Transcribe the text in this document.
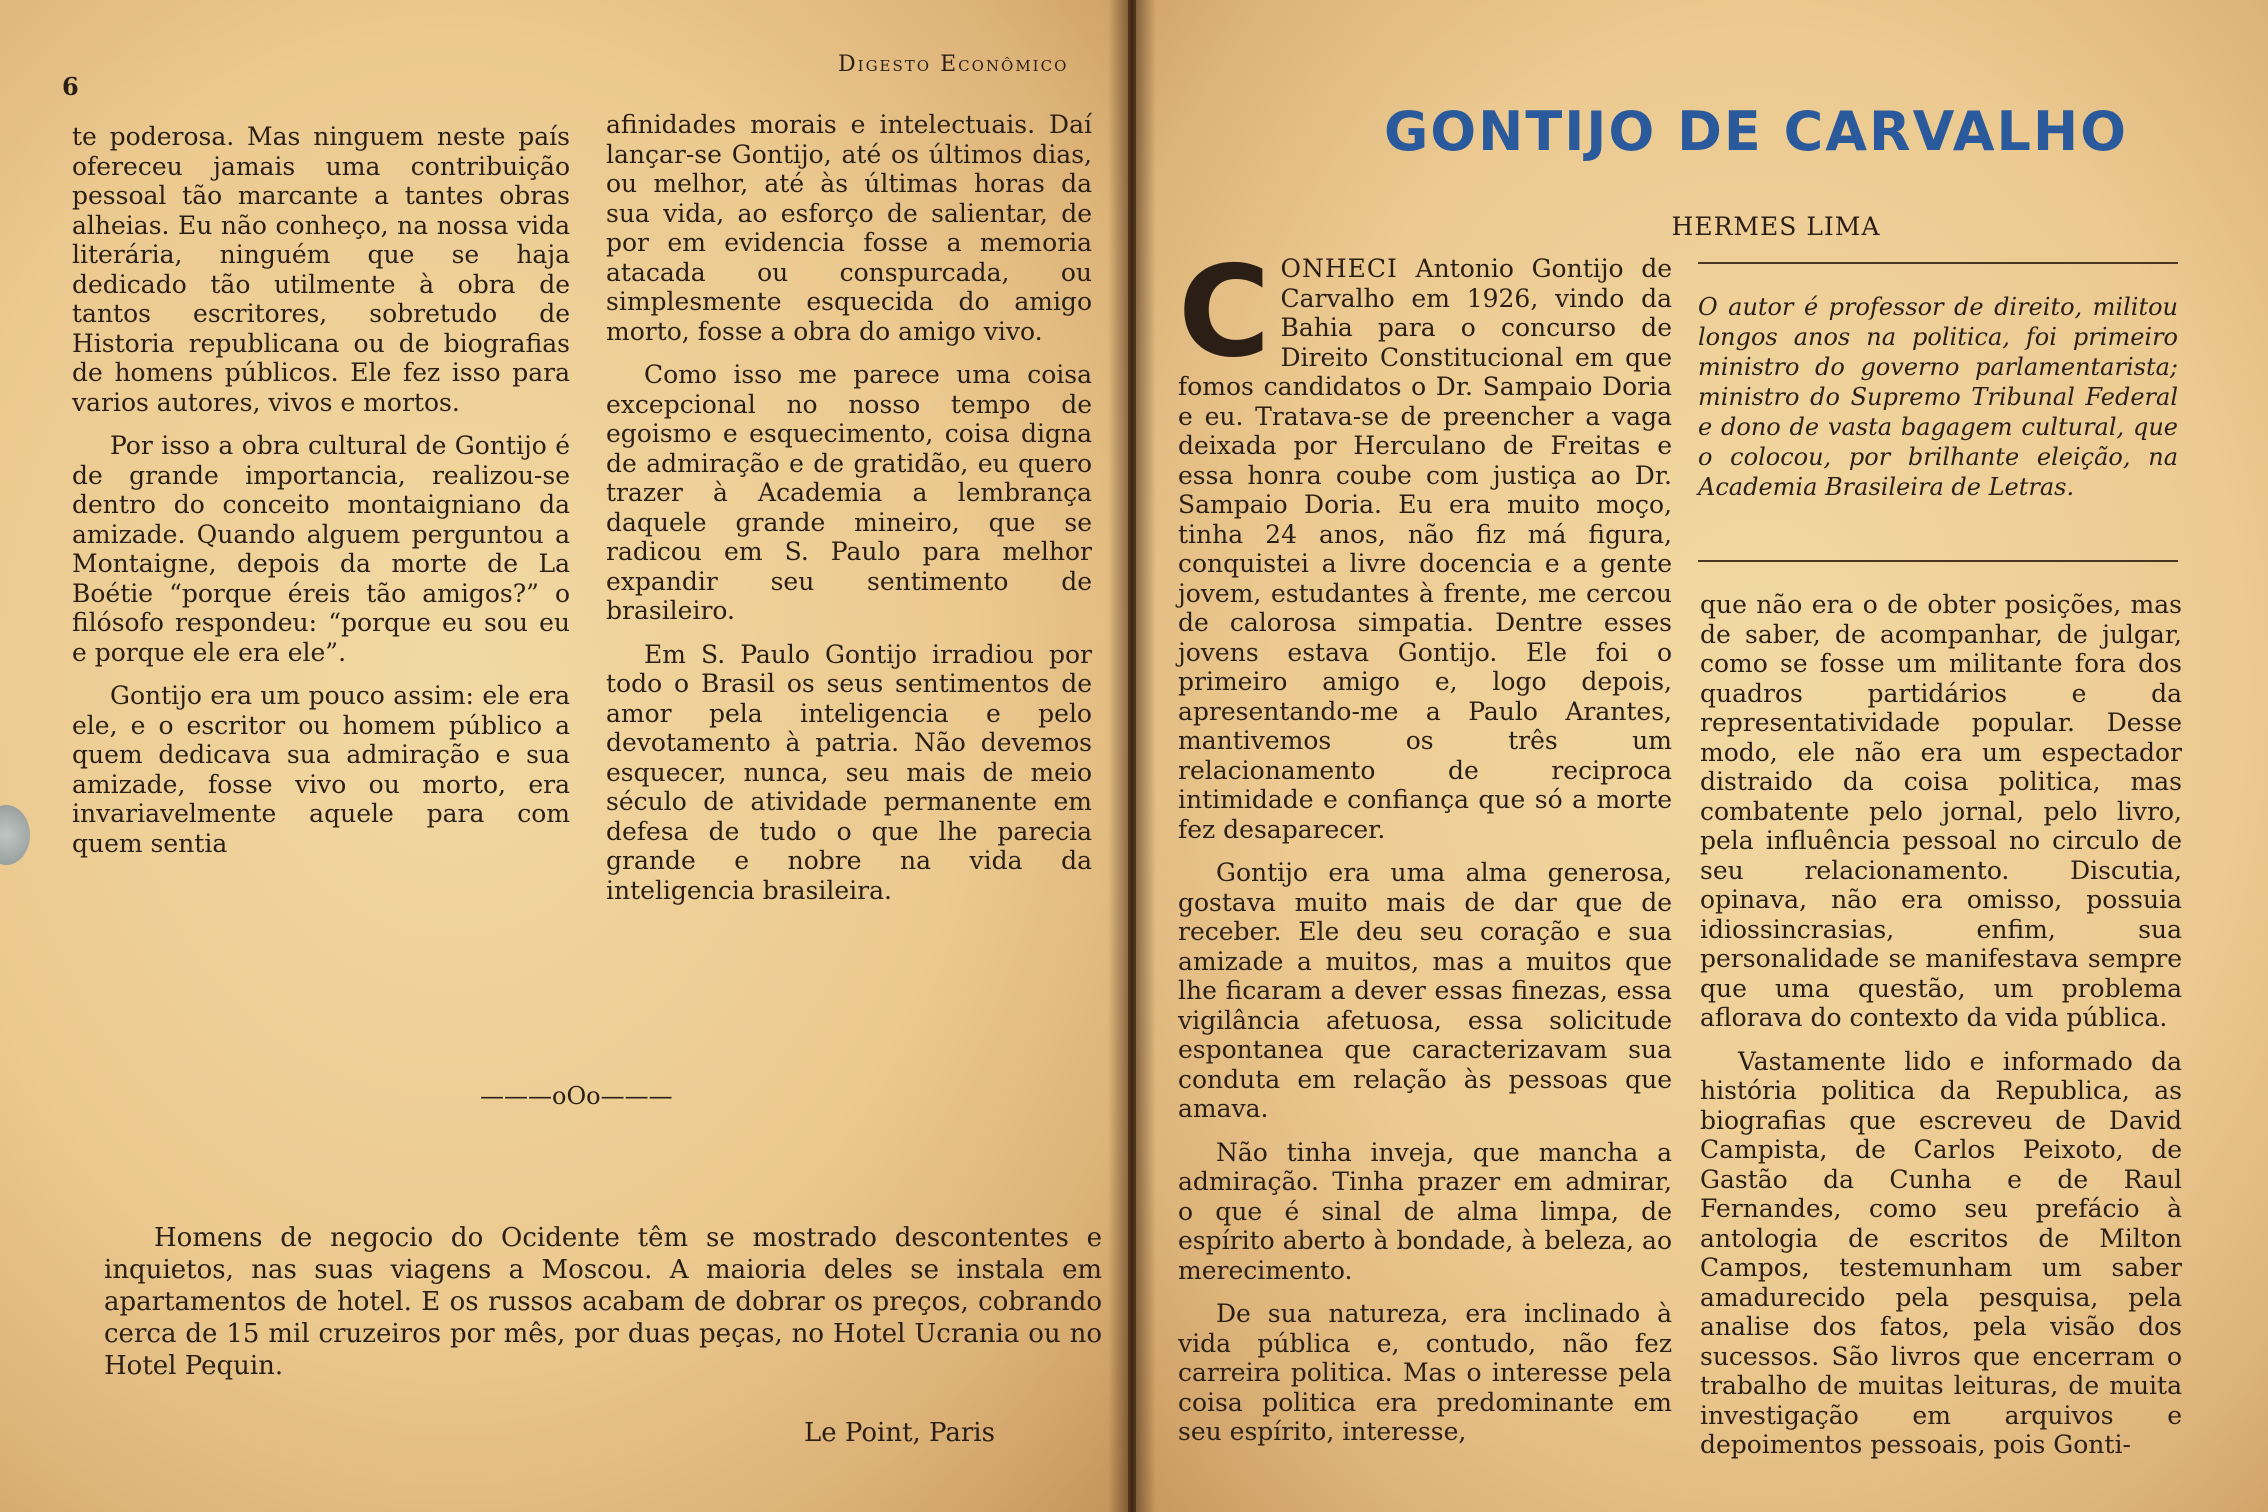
6
Digesto Econômico

te poderosa. Mas ninguem neste país ofereceu jamais uma contribuição pessoal tão marcante a tantes obras alheias. Eu não conheço, na nossa vida literária, ninguém que se haja dedicado tão utilmente à obra de tantos escritores, sobretudo de Historia republicana ou de biografias de homens públicos. Ele fez isso para varios autores, vivos e mortos.

Por isso a obra cultural de Gontijo é de grande importancia, realizou-se dentro do conceito montaigniano da amizade. Quando alguem perguntou a Montaigne, depois da morte de La Boétie “porque éreis tão amigos?” o filósofo respondeu: “porque eu sou eu e porque ele era ele”.

Gontijo era um pouco assim: ele era ele, e o escritor ou homem público a quem dedicava sua admiração e sua amizade, fosse vivo ou morto, era invariavelmente aquele para com quem sentia

afinidades morais e intelectuais. Daí lançar-se Gontijo, até os últimos dias, ou melhor, até às últimas horas da sua vida, ao esforço de salientar, de por em evidencia fosse a memoria atacada ou conspurcada, ou simplesmente esquecida do amigo morto, fosse a obra do amigo vivo.

Como isso me parece uma coisa excepcional no nosso tempo de egoismo e esquecimento, coisa digna de admiração e de gratidão, eu quero trazer à Academia a lembrança daquele grande mineiro, que se radicou em S. Paulo para melhor expandir seu sentimento de brasileiro.

Em S. Paulo Gontijo irradiou por todo o Brasil os seus sentimentos de amor pela inteligencia e pelo devotamento à patria. Não devemos esquecer, nunca, seu mais de meio século de atividade permanente em defesa de tudo o que lhe parecia grande e nobre na vida da inteligencia brasileira.

———oOo———
Homens de negocio do Ocidente têm se mostrado descontentes e inquietos, nas suas viagens a Moscou. A maioria deles se instala em apartamentos de hotel. E os russos acabam de dobrar os preços, cobrando cerca de 15 mil cruzeiros por mês, por duas peças, no Hotel Ucrania ou no Hotel Pequin.
Le Point, Paris
GONTIJO DE CARVALHO
HERMES LIMA
O autor é professor de direito, militou longos anos na politica, foi primeiro ministro do governo parlamentarista; ministro do Supremo Tribunal Federal e dono de vasta bagagem cultural, que o colocou, por brilhante eleição, na Academia Brasileira de Letras.

CONHECI Antonio Gontijo de Carvalho em 1926, vindo da Bahia para o concurso de Direito Constitucional em que fomos candidatos o Dr. Sampaio Doria e eu. Tratava-se de preencher a vaga deixada por Herculano de Freitas e essa honra coube com justiça ao Dr. Sampaio Doria. Eu era muito moço, tinha 24 anos, não fiz má figura, conquistei a livre docencia e a gente jovem, estudantes à frente, me cercou de calorosa simpatia. Dentre esses jovens estava Gontijo. Ele foi o primeiro amigo e, logo depois, apresentando-me a Paulo Arantes, mantivemos os três um relacionamento de reciproca intimidade e confiança que só a morte fez desaparecer.

Gontijo era uma alma generosa, gostava muito mais de dar que de receber. Ele deu seu coração e sua amizade a muitos, mas a muitos que lhe ficaram a dever essas finezas, essa vigilância afetuosa, essa solicitude espontanea que caracterizavam sua conduta em relação às pessoas que amava.

Não tinha inveja, que mancha a admiração. Tinha prazer em admirar, o que é sinal de alma limpa, de espírito aberto à bondade, à beleza, ao merecimento.

De sua natureza, era inclinado à vida pública e, contudo, não fez carreira politica. Mas o interesse pela coisa politica era predominante em seu espírito, interesse,

que não era o de obter posições, mas de saber, de acompanhar, de julgar, como se fosse um militante fora dos quadros partidários e da representatividade popular. Desse modo, ele não era um espectador distraido da coisa politica, mas combatente pelo jornal, pelo livro, pela influência pessoal no circulo de seu relacionamento. Discutia, opinava, não era omisso, possuia idiossincrasias, enfim, sua personalidade se manifestava sempre que uma questão, um problema aflorava do contexto da vida pública.

Vastamente lido e informado da história politica da Republica, as biografias que escreveu de David Campista, de Carlos Peixoto, de Gastão da Cunha e de Raul Fernandes, como seu prefácio à antologia de escritos de Milton Campos, testemunham um saber amadurecido pela pesquisa, pela analise dos fatos, pela visão dos sucessos. São livros que encerram o trabalho de muitas leituras, de muita investigação em arquivos e depoimentos pessoais, pois Gonti-
